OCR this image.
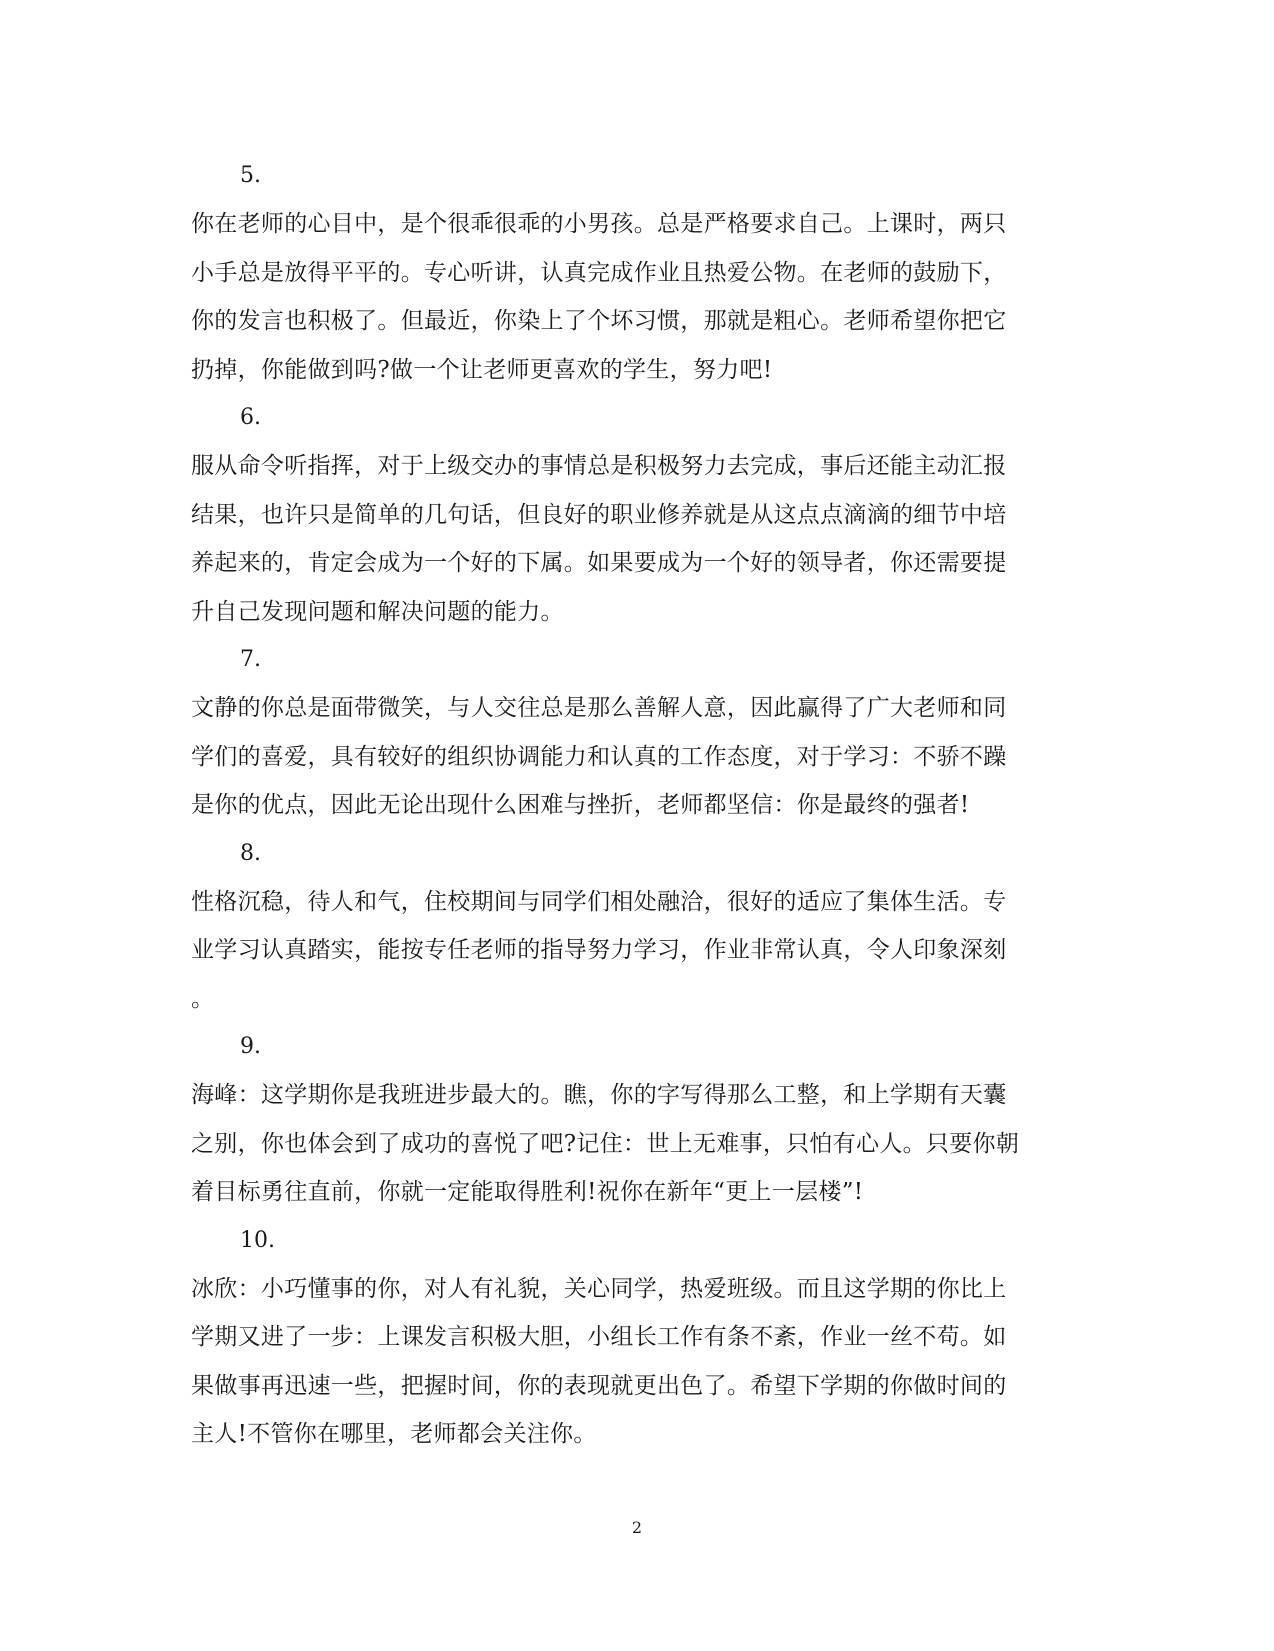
5.
你在老师的心目中，是个很乖很乖的小男孩。总是严格要求自己。上课时，两只
小手总是放得平平的。专心听讲，认真完成作业且热爱公物。在老师的鼓励下，
你的发言也积极了。但最近，你染上了个坏习惯，那就是粗心。老师希望你把它
扔掉，你能做到吗?做一个让老师更喜欢的学生，努力吧!
6.
服从命令听指挥，对于上级交办的事情总是积极努力去完成，事后还能主动汇报
结果，也许只是简单的几句话，但良好的职业修养就是从这点点滴滴的细节中培
养起来的，肯定会成为一个好的下属。如果要成为一个好的领导者，你还需要提
升自己发现问题和解决问题的能力。
7.
文静的你总是面带微笑，与人交往总是那么善解人意，因此赢得了广大老师和同
学们的喜爱，具有较好的组织协调能力和认真的工作态度，对于学习：不骄不躁
是你的优点，因此无论出现什么困难与挫折，老师都坚信：你是最终的强者!
8.
性格沉稳，待人和气，住校期间与同学们相处融洽，很好的适应了集体生活。专
业学习认真踏实，能按专任老师的指导努力学习，作业非常认真，令人印象深刻
。
9.
海峰：这学期你是我班进步最大的。瞧，你的字写得那么工整，和上学期有天囊
之别，你也体会到了成功的喜悦了吧?记住：世上无难事，只怕有心人。只要你朝
着目标勇往直前，你就一定能取得胜利!祝你在新年“更上一层楼”!
10.
冰欣：小巧懂事的你，对人有礼貌，关心同学，热爱班级。而且这学期的你比上
学期又进了一步：上课发言积极大胆，小组长工作有条不紊，作业一丝不苟。如
果做事再迅速一些，把握时间，你的表现就更出色了。希望下学期的你做时间的
主人!不管你在哪里，老师都会关注你。
2
